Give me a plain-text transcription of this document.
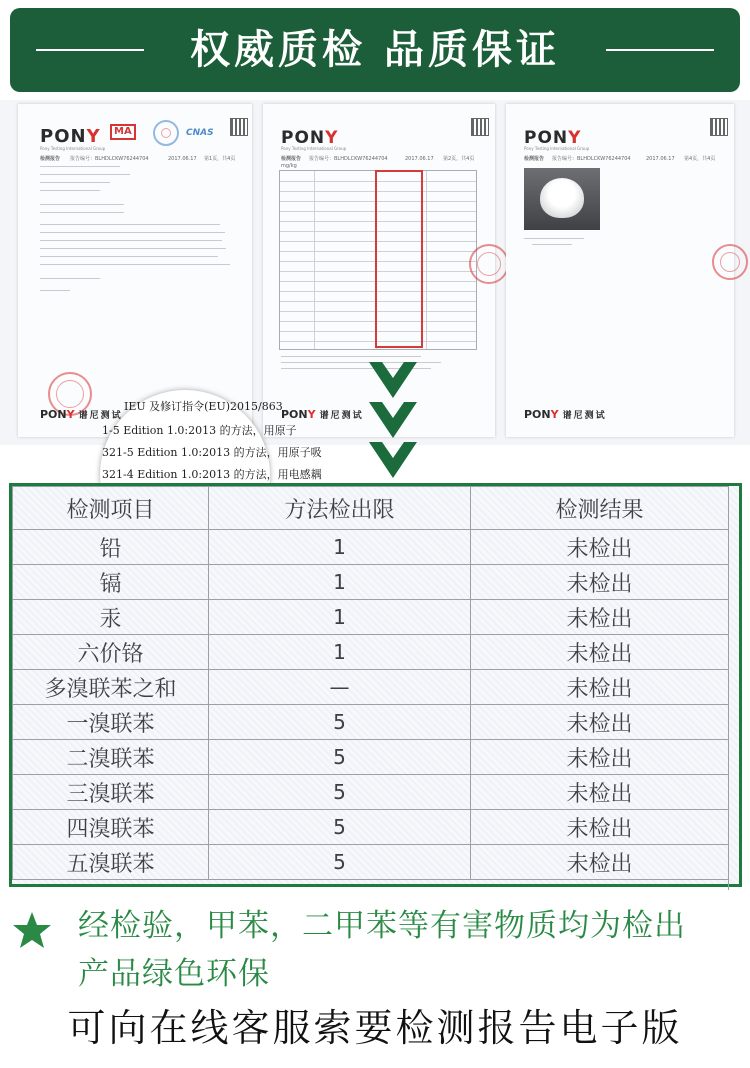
权威质检 品质保证
PONY
Pony Testing International Group
MA	CNAS
检测报告 报告编号：BLHDLCKW76244704	2017.06.17 第1页，共4页
PONY 谱尼测试
PONY
Pony Testing International Group
检测报告 报告编号：BLHDLCKW76244704	2017.06.17 第2页，共4页
mg/kg
PONY 谱尼测试
PONY
Pony Testing International Group
检测报告 报告编号：BLHDLCKW76244704	2017.06.17 第4页，共4页
PONY 谱尼测试
IEU 及修订指令(EU)2015/863
1-5 Edition 1.0:2013 的方法，用原子
321-5 Edition 1.0:2013 的方法，用原子吸
321-4 Edition 1.0:2013 的方法，用电感耦
检测项目	方法检出限	检测结果
铅	1	未检出
镉	1	未检出
汞	1	未检出
六价铬	1	未检出
多溴联苯之和	—	未检出
一溴联苯	5	未检出
二溴联苯	5	未检出
三溴联苯	5	未检出
四溴联苯	5	未检出
五溴联苯	5	未检出
经检验，甲苯，二甲苯等有害物质均为检出
产品绿色环保
可向在线客服索要检测报告电子版
